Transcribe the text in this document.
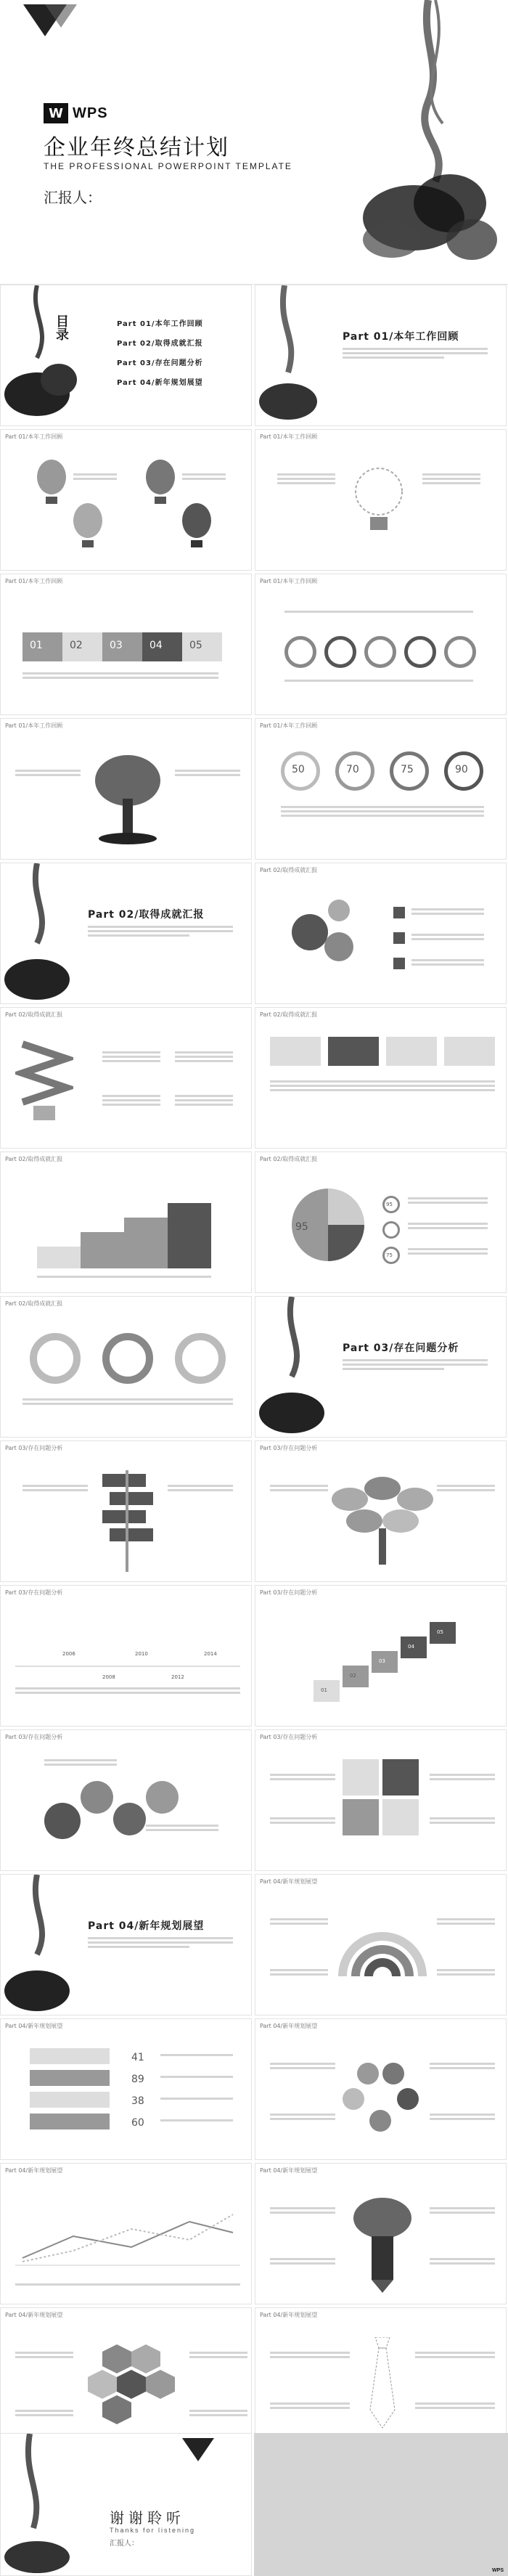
W WPS
企业年终总结计划
THE PROFESSIONAL POWERPOINT TEMPLATE
汇报人：
目录	Part 01/本年工作回顾
Part 02/取得成就汇报
Part 03/存在问题分析
Part 04/新年规划展望
Part 01/本年工作回顾
Part 01/本年工作回顾	Part 01/本年工作回顾
Part 01/本年工作回顾
01	02	03	04	05
Part 01/本年工作回顾
Part 01/本年工作回顾	Part 01/本年工作回顾
50	70	75	90
Part 02/取得成就汇报
Part 02/取得成就汇报
Part 02/取得成就汇报	Part 02/取得成就汇报
Part 02/取得成就汇报	Part 02/取得成就汇报
95
95
75
Part 02/取得成就汇报
Part 03/存在问题分析
Part 03/存在问题分析	Part 03/存在问题分析
Part 03/存在问题分析
2006
2008
2010
2012
2014
Part 03/存在问题分析
01
02
03
04
05
Part 03/存在问题分析	Part 03/存在问题分析
Part 04/新年规划展望
Part 04/新年规划展望
Part 04/新年规划展望
41
89
38
60
Part 04/新年规划展望
Part 04/新年规划展望	Part 04/新年规划展望
Part 04/新年规划展望	Part 04/新年规划展望
谢谢聆听
Thanks for listening
汇报人：
WPS
